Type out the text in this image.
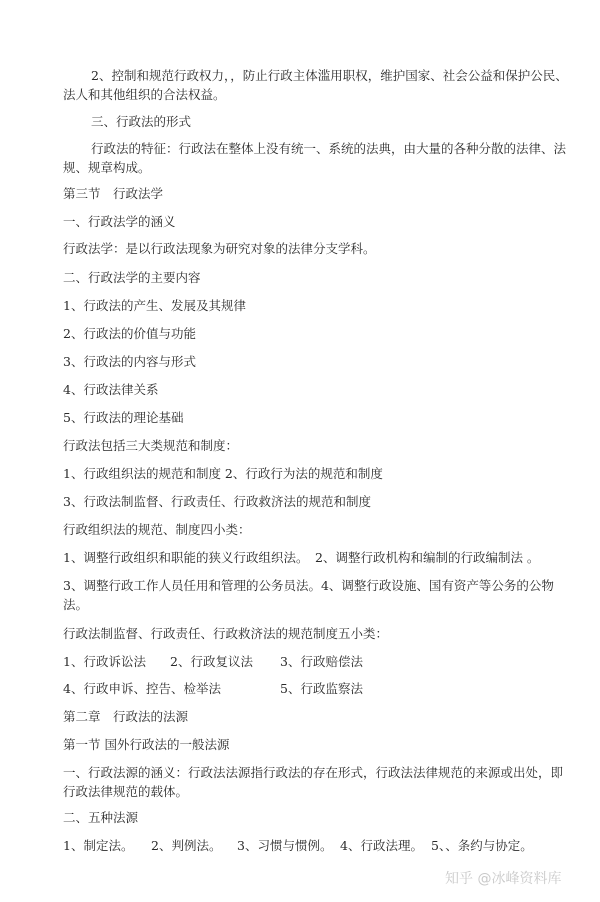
2、控制和规范行政权力，，防止行政主体滥用职权，维护国家、社会公益和保护公民、
法人和其他组织的合法权益。
三、行政法的形式
行政法的特征：行政法在整体上没有统一、系统的法典，由大量的各种分散的法律、法
规、规章构成。
第三节　行政法学
一、行政法学的涵义
行政法学：是以行政法现象为研究对象的法律分支学科。
二、行政法学的主要内容
1、行政法的产生、发展及其规律
2、行政法的价值与功能
3、行政法的内容与形式
4、行政法律关系
5、行政法的理论基础
行政法包括三大类规范和制度：
1、行政组织法的规范和制度 2、行政行为法的规范和制度
3、行政法制监督、行政责任、行政救济法的规范和制度
行政组织法的规范、制度四小类：
1、调整行政组织和职能的狭义行政组织法。 2、调整行政机构和编制的行政编制法 。
3、调整行政工作人员任用和管理的公务员法。4、调整行政设施、国有资产等公务的公物
法。
行政法制监督、行政责任、行政救济法的规范制度五小类：
1、行政诉讼法 2、行政复议法 3、行政赔偿法
4、行政申诉、控告、检举法	5、行政监察法
第二章　行政法的法源
第一节 国外行政法的一般法源
一、行政法源的涵义：行政法法源指行政法的存在形式，行政法法律规范的来源或出处，即
行政法律规范的载体。
二、五种法源
1、制定法。 2、判例法。 3、习惯与惯例。 4、行政法理。 5、、条约与协定。
知乎 @冰峰资料库
